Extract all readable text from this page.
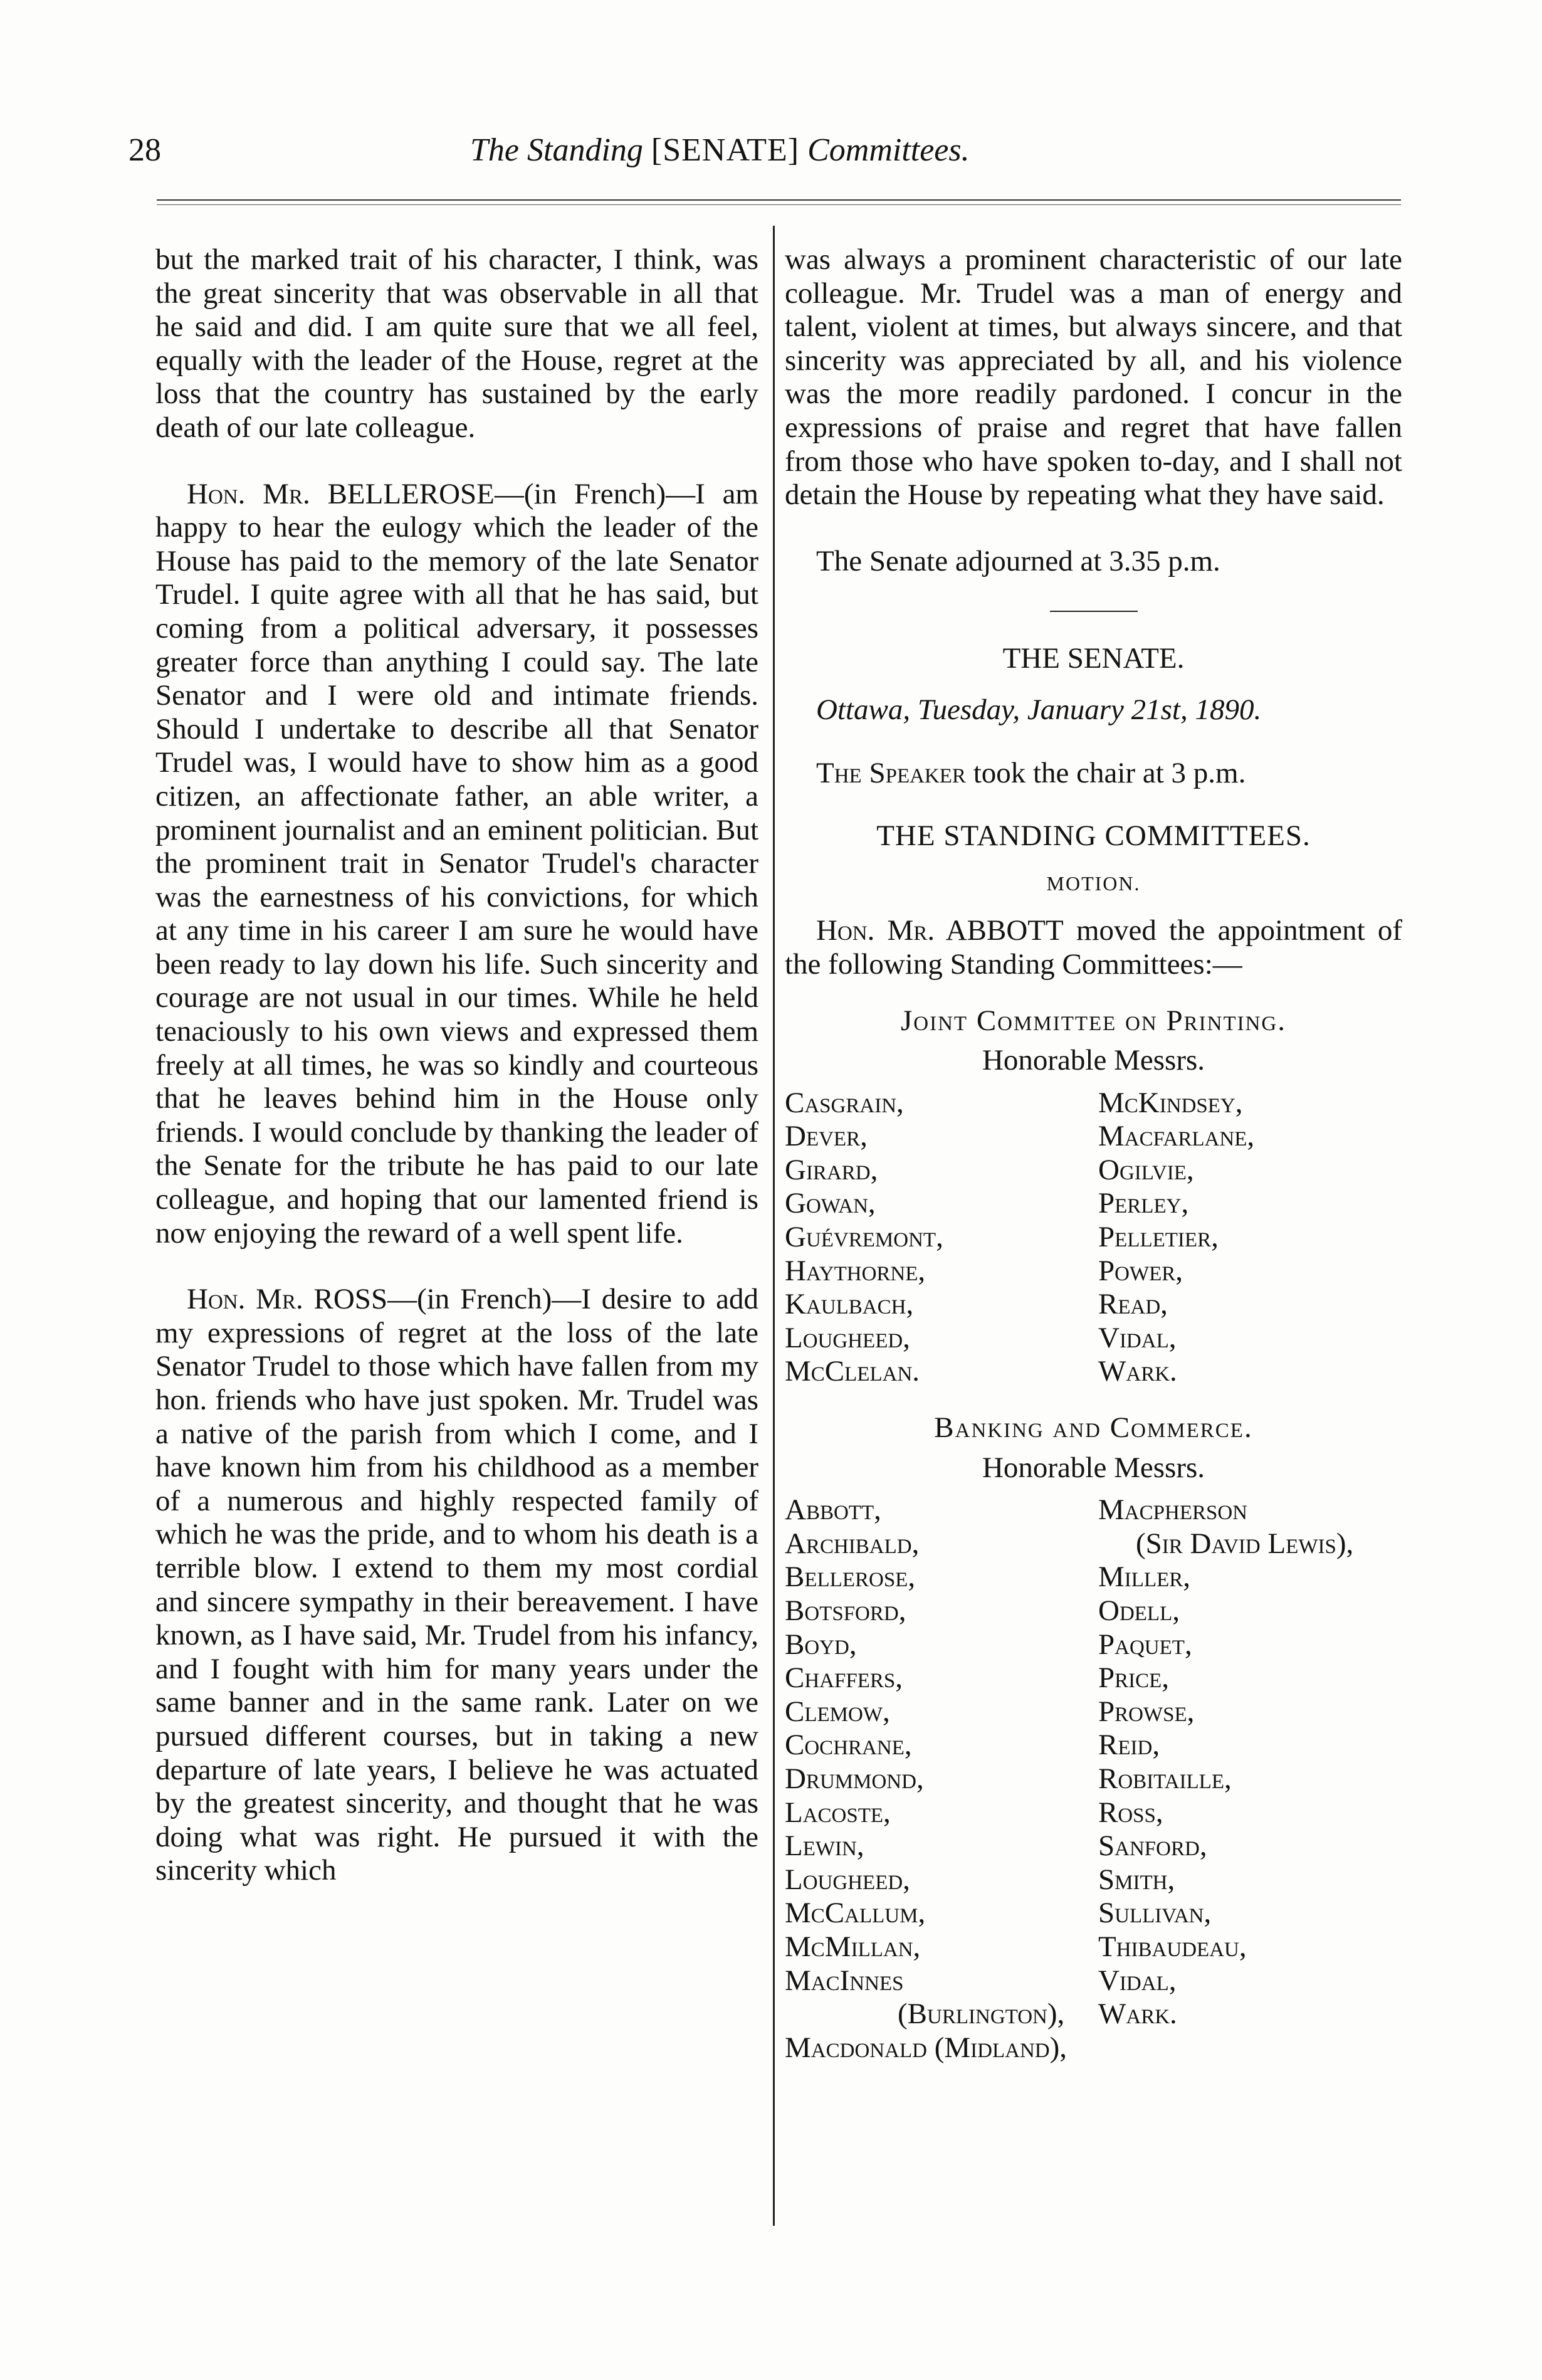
28	The Standing [SENATE] Committees.

but the marked trait of his character, I think, was the great sincerity that was observable in all that he said and did. I am quite sure that we all feel, equally with the leader of the House, regret at the loss that the country has sustained by the early death of our late colleague.

Hon. Mr. BELLEROSE—(in French)—I am happy to hear the eulogy which the leader of the House has paid to the memory of the late Senator Trudel. I quite agree with all that he has said, but coming from a political adversary, it possesses greater force than anything I could say. The late Senator and I were old and intimate friends. Should I undertake to describe all that Senator Trudel was, I would have to show him as a good citizen, an affectionate father, an able writer, a prominent journalist and an eminent politician. But the prominent trait in Senator Trudel's character was the earnestness of his convictions, for which at any time in his career I am sure he would have been ready to lay down his life. Such sincerity and courage are not usual in our times. While he held tenaciously to his own views and expressed them freely at all times, he was so kindly and courteous that he leaves behind him in the House only friends. I would conclude by thanking the leader of the Senate for the tribute he has paid to our late colleague, and hoping that our lamented friend is now enjoying the reward of a well spent life.

Hon. Mr. ROSS—(in French)—I desire to add my expressions of regret at the loss of the late Senator Trudel to those which have fallen from my hon. friends who have just spoken. Mr. Trudel was a native of the parish from which I come, and I have known him from his childhood as a member of a numerous and highly respected family of which he was the pride, and to whom his death is a terrible blow. I extend to them my most cordial and sincere sympathy in their bereavement. I have known, as I have said, Mr. Trudel from his infancy, and I fought with him for many years under the same banner and in the same rank. Later on we pursued different courses, but in taking a new departure of late years, I believe he was actuated by the greatest sincerity, and thought that he was doing what was right. He pursued it with the sincerity which

was always a prominent characteristic of our late colleague. Mr. Trudel was a man of energy and talent, violent at times, but always sincere, and that sincerity was appreciated by all, and his violence was the more readily pardoned. I concur in the expressions of praise and regret that have fallen from those who have spoken to-day, and I shall not detain the House by repeating what they have said.

The Senate adjourned at 3.35 p.m.

THE SENATE.

Ottawa, Tuesday, January 21st, 1890.

The Speaker took the chair at 3 p.m.

THE STANDING COMMITTEES.

MOTION.

Hon. Mr. ABBOTT moved the appointment of the following Standing Committees:—

Joint Committee on Printing.

Honorable Messrs.

Casgrain,	McKindsey,
Dever,	Macfarlane,
Girard,	Ogilvie,
Gowan,	Perley,
Guévremont,	Pelletier,
Haythorne,	Power,
Kaulbach,	Read,
Lougheed,	Vidal,
McClelan.	Wark.

Banking and Commerce.

Honorable Messrs.

Abbott,	Macpherson
Archibald,	(Sir David Lewis),
Bellerose,	Miller,
Botsford,	Odell,
Boyd,	Paquet,
Chaffers,	Price,
Clemow,	Prowse,
Cochrane,	Reid,
Drummond,	Robitaille,
Lacoste,	Ross,
Lewin,	Sanford,
Lougheed,	Smith,
McCallum,	Sullivan,
McMillan,	Thibaudeau,
MacInnes	Vidal,
(Burlington),	Wark.
Macdonald (Midland),
